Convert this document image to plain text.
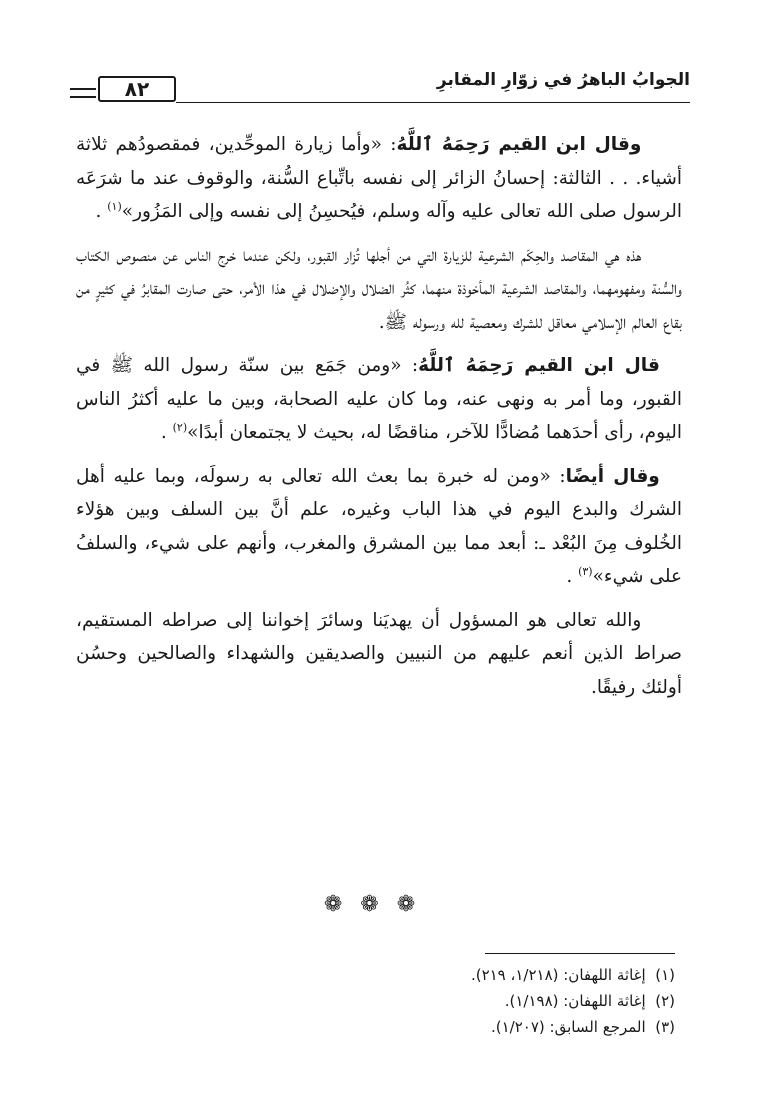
٨٢	الجوابُ الباهرُ في زوّارِ المقابرِ

وقال ابن القيم رَحِمَهُ ٱللَّهُ: «وأما زيارة الموحِّدين، فمقصودُهم ثلاثة أشياء. . . الثالثة: إحسانُ الزائر إلى نفسه باتِّباع السُّنة، والوقوف عند ما شرَعَه الرسول صلى الله تعالى عليه وآله وسلم، فيُحسِنُ إلى نفسه وإلى المَزُور»$^{(١)}$ .

هذه هي المقاصد والحِكَم الشرعية للزيارة التي من أجلها تُزار القبور، ولكن عندما خرج الناس عن منصوص الكتاب والسُّنة ومفهومهما، والمقاصد الشرعية المأخوذة منهما، كثُر الضلال والإضلال في هذا الأمر، حتى صارت المقابرُ في كثيرٍ من بقاع العالم الإسلامي معاقل للشرك ومعصية لله ورسوله ﷺ.

قال ابن القيم رَحِمَهُ ٱللَّهُ: «ومن جَمَع بين سنّة رسول الله ﷺ في القبور، وما أمر به ونهى عنه، وما كان عليه الصحابة، وبين ما عليه أكثرُ الناس اليوم، رأى أحدَهما مُضادًّا للآخر، مناقضًا له، بحيث لا يجتمعان أبدًا»$^{(٢)}$ .

وقال أيضًا: «ومن له خبرة بما بعث الله تعالى به رسولَه، وبما عليه أهل الشرك والبدع اليوم في هذا الباب وغيره، علم أنَّ بين السلف وبين هؤلاء الخُلوف مِنَ البُعْد ـ: أبعد مما بين المشرق والمغرب، وأنهم على شيء، والسلفُ على شيء»$^{(٣)}$ .

والله تعالى هو المسؤول أن يهديَنا وسائرَ إخواننا إلى صراطه المستقيم، صراط الذين أنعم عليهم من النبيين والصديقين والشهداء والصالحين وحسُن أولئك رفيقًا.

❁❁❁
(١)  إغاثة اللهفان: (١/٢١٨، ٢١٩).
(٢)  إغاثة اللهفان: (١/١٩٨).
(٣)  المرجع السابق: (١/٢٠٧).
